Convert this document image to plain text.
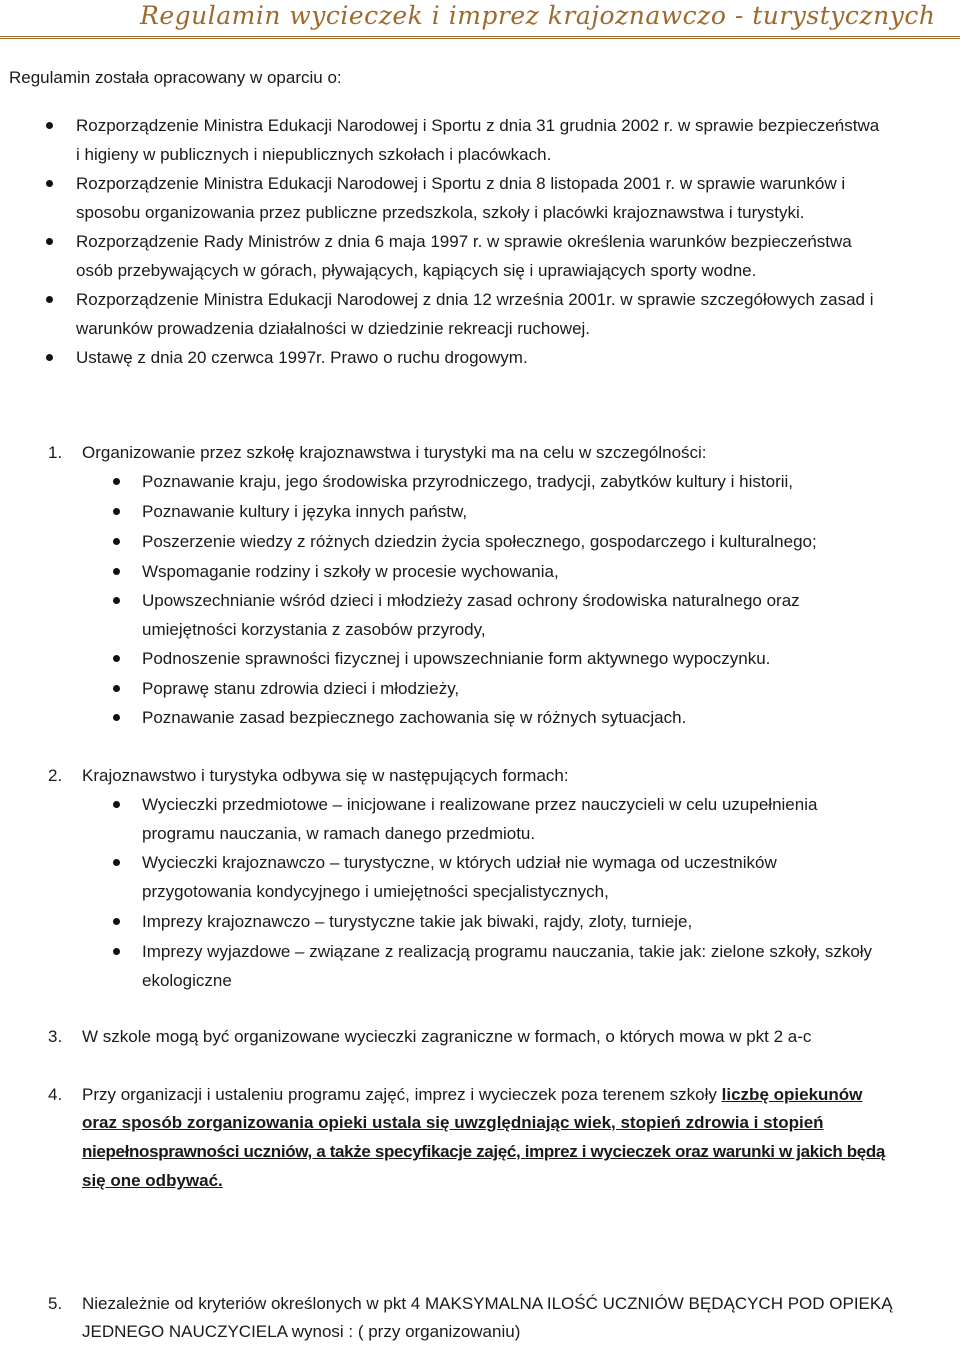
Regulamin wycieczek i imprez krajoznawczo - turystycznych
Regulamin została opracowany w oparciu o:
Rozporządzenie Ministra Edukacji Narodowej i Sportu z dnia 31 grudnia 2002 r. w sprawie bezpieczeństwa
i higieny w publicznych i niepublicznych szkołach i placówkach.
Rozporządzenie Ministra Edukacji Narodowej i Sportu z dnia 8 listopada 2001 r. w sprawie warunków i
sposobu organizowania przez publiczne przedszkola, szkoły i placówki krajoznawstwa i turystyki.
Rozporządzenie Rady Ministrów z dnia 6 maja 1997 r. w sprawie określenia warunków bezpieczeństwa
osób przebywających w górach, pływających, kąpiących się i uprawiających sporty wodne.
Rozporządzenie Ministra Edukacji Narodowej z dnia 12 września 2001r. w sprawie szczegółowych zasad i
warunków prowadzenia działalności w dziedzinie rekreacji ruchowej.
Ustawę z dnia 20 czerwca 1997r. Prawo o ruchu drogowym.
1. Organizowanie przez szkołę krajoznawstwa i turystyki ma na celu w szczególności:
Poznawanie kraju, jego środowiska przyrodniczego, tradycji, zabytków kultury i historii,
Poznawanie kultury i języka innych państw,
Poszerzenie wiedzy z różnych dziedzin życia społecznego, gospodarczego i kulturalnego;
Wspomaganie rodziny i szkoły w procesie wychowania,
Upowszechnianie wśród dzieci i młodzieży zasad ochrony środowiska naturalnego oraz
umiejętności korzystania z zasobów przyrody,
Podnoszenie sprawności fizycznej i upowszechnianie form aktywnego wypoczynku.
Poprawę stanu zdrowia dzieci i młodzieży,
Poznawanie zasad bezpiecznego zachowania się w różnych sytuacjach.
2. Krajoznawstwo i turystyka odbywa się w następujących formach:
Wycieczki przedmiotowe – inicjowane i realizowane przez nauczycieli w celu uzupełnienia
programu nauczania, w ramach danego przedmiotu.
Wycieczki krajoznawczo – turystyczne, w których udział nie wymaga od uczestników
przygotowania kondycyjnego i umiejętności specjalistycznych,
Imprezy krajoznawczo – turystyczne takie jak biwaki, rajdy, zloty, turnieje,
Imprezy wyjazdowe – związane z realizacją programu nauczania, takie jak: zielone szkoły, szkoły
ekologiczne
3. W szkole mogą być organizowane wycieczki zagraniczne w formach, o których mowa w pkt 2 a-c
4. Przy organizacji i ustaleniu programu zajęć, imprez i wycieczek poza terenem szkoły liczbę opiekunów
oraz sposób zorganizowania opieki ustala się uwzględniając wiek, stopień zdrowia i stopień
niepełnosprawności uczniów, a także specyfikacje zajęć, imprez i wycieczek oraz warunki w jakich będą
się one odbywać.
5. Niezależnie od kryteriów określonych w pkt 4 MAKSYMALNA ILOŚĆ UCZNIÓW BĘDĄCYCH POD OPIEKĄ
JEDNEGO NAUCZYCIELA wynosi : ( przy organizowaniu)
